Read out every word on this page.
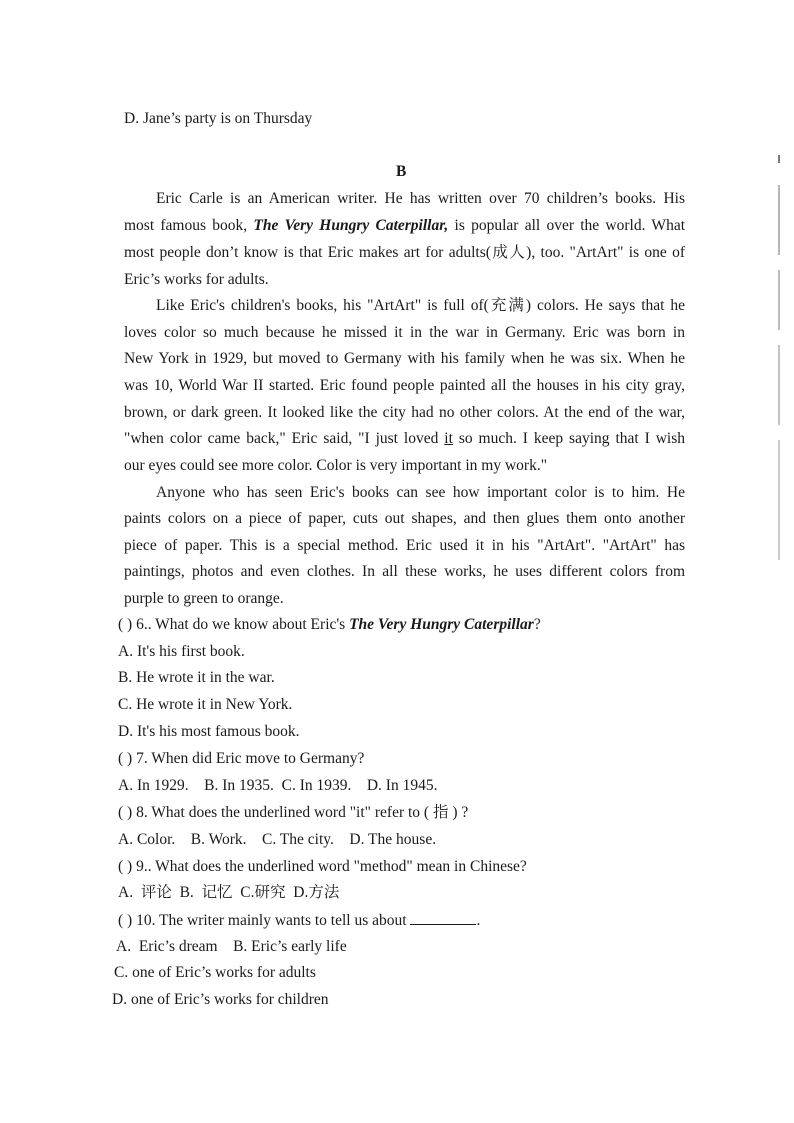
D. Jane’s party is on Thursday
B
Eric Carle is an American writer. He has written over 70 children’s books. His
most famous book, The Very Hungry Caterpillar, is popular all over the world. What
most people don’t know is that Eric makes art for adults(成人), too. "ArtArt" is one of
Eric’s works for adults.
Like Eric's children's books, his "ArtArt" is full of(充满) colors. He says that he
loves color so much because he missed it in the war in Germany. Eric was born in
New York in 1929, but moved to Germany with his family when he was six. When he
was 10, World War II started. Eric found people painted all the houses in his city gray,
brown, or dark green. It looked like the city had no other colors. At the end of the war,
"when color came back," Eric said, "I just loved it so much. I keep saying that I wish
our eyes could see more color. Color is very important in my work."
Anyone who has seen Eric's books can see how important color is to him. He
paints colors on a piece of paper, cuts out shapes, and then glues them onto another
piece of paper. This is a special method. Eric used it in his "ArtArt". "ArtArt" has
paintings, photos and even clothes. In all these works, he uses different colors from
purple to green to orange.
( ) 6.. What do we know about Eric's The Very Hungry Caterpillar?
A. It's his first book.
B. He wrote it in the war.
C. He wrote it in New York.
D. It's his most famous book.
( ) 7. When did Eric move to Germany?
A. In 1929.    B. In 1935.  C. In 1939.    D. In 1945.
( ) 8. What does the underlined word "it" refer to ( 指 ) ?
A. Color.    B. Work.    C. The city.    D. The house.
( ) 9.. What does the underlined word "method" mean in Chinese?
A.  评论  B.  记忆  C.研究  D.方法
( ) 10. The writer mainly wants to tell us about	.
A.  Eric’s dream    B. Eric’s early life
C. one of Eric’s works for adults
D. one of Eric’s works for children
